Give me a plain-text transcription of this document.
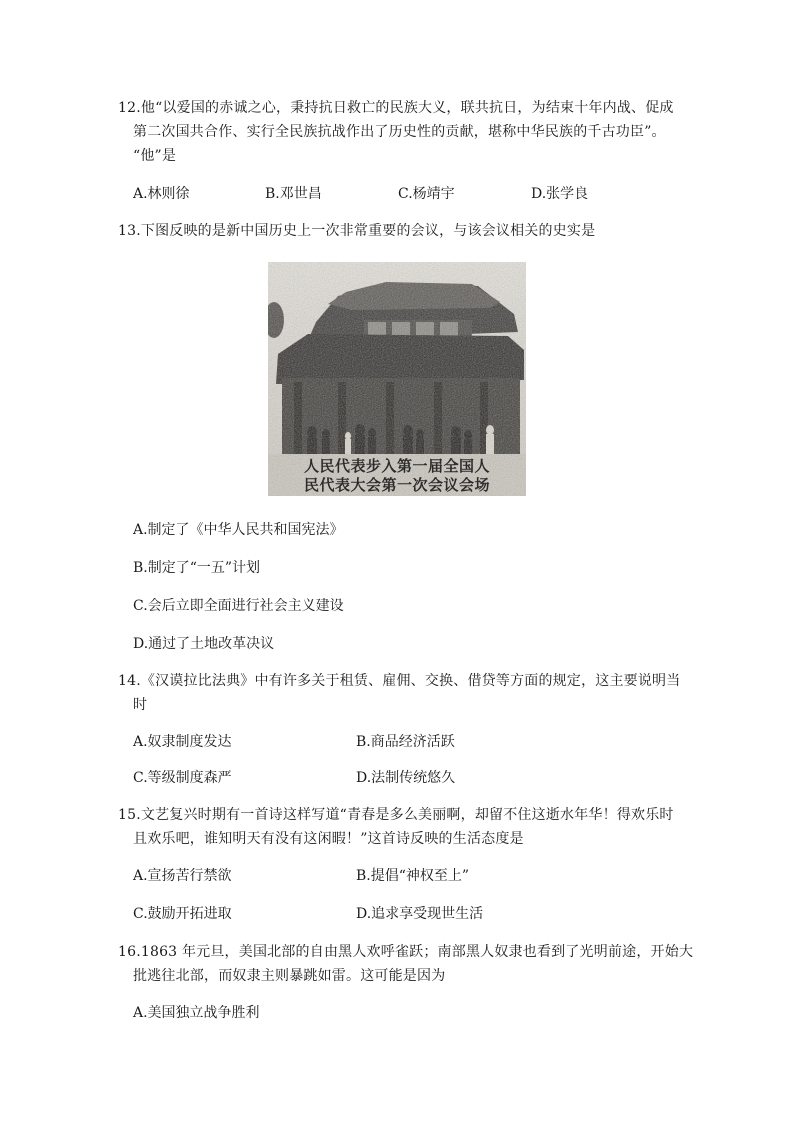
12.他“以爱国的赤诚之心，秉持抗日救亡的民族大义，联共抗日，为结束十年内战、促成
第二次国共合作、实行全民族抗战作出了历史性的贡献，堪称中华民族的千古功臣”。
“他”是
A.林则徐	B.邓世昌	C.杨靖宇	D.张学良
13.下图反映的是新中国历史上一次非常重要的会议，与该会议相关的史实是
人民代表步入第一届全国人
民代表大会第一次会议会场
A.制定了《中华人民共和国宪法》
B.制定了“一五”计划
C.会后立即全面进行社会主义建设
D.通过了土地改革决议
14.《汉谟拉比法典》中有许多关于租赁、雇佣、交换、借贷等方面的规定，这主要说明当
时
A.奴隶制度发达	B.商品经济活跃
C.等级制度森严	D.法制传统悠久
15.文艺复兴时期有一首诗这样写道“青春是多么美丽啊，却留不住这逝水年华！得欢乐时
且欢乐吧，谁知明天有没有这闲暇！”这首诗反映的生活态度是
A.宣扬苦行禁欲	B.提倡“神权至上”
C.鼓励开拓进取	D.追求享受现世生活
16.1863 年元旦，美国北部的自由黑人欢呼雀跃；南部黑人奴隶也看到了光明前途，开始大
批逃往北部，而奴隶主则暴跳如雷。这可能是因为
A.美国独立战争胜利
